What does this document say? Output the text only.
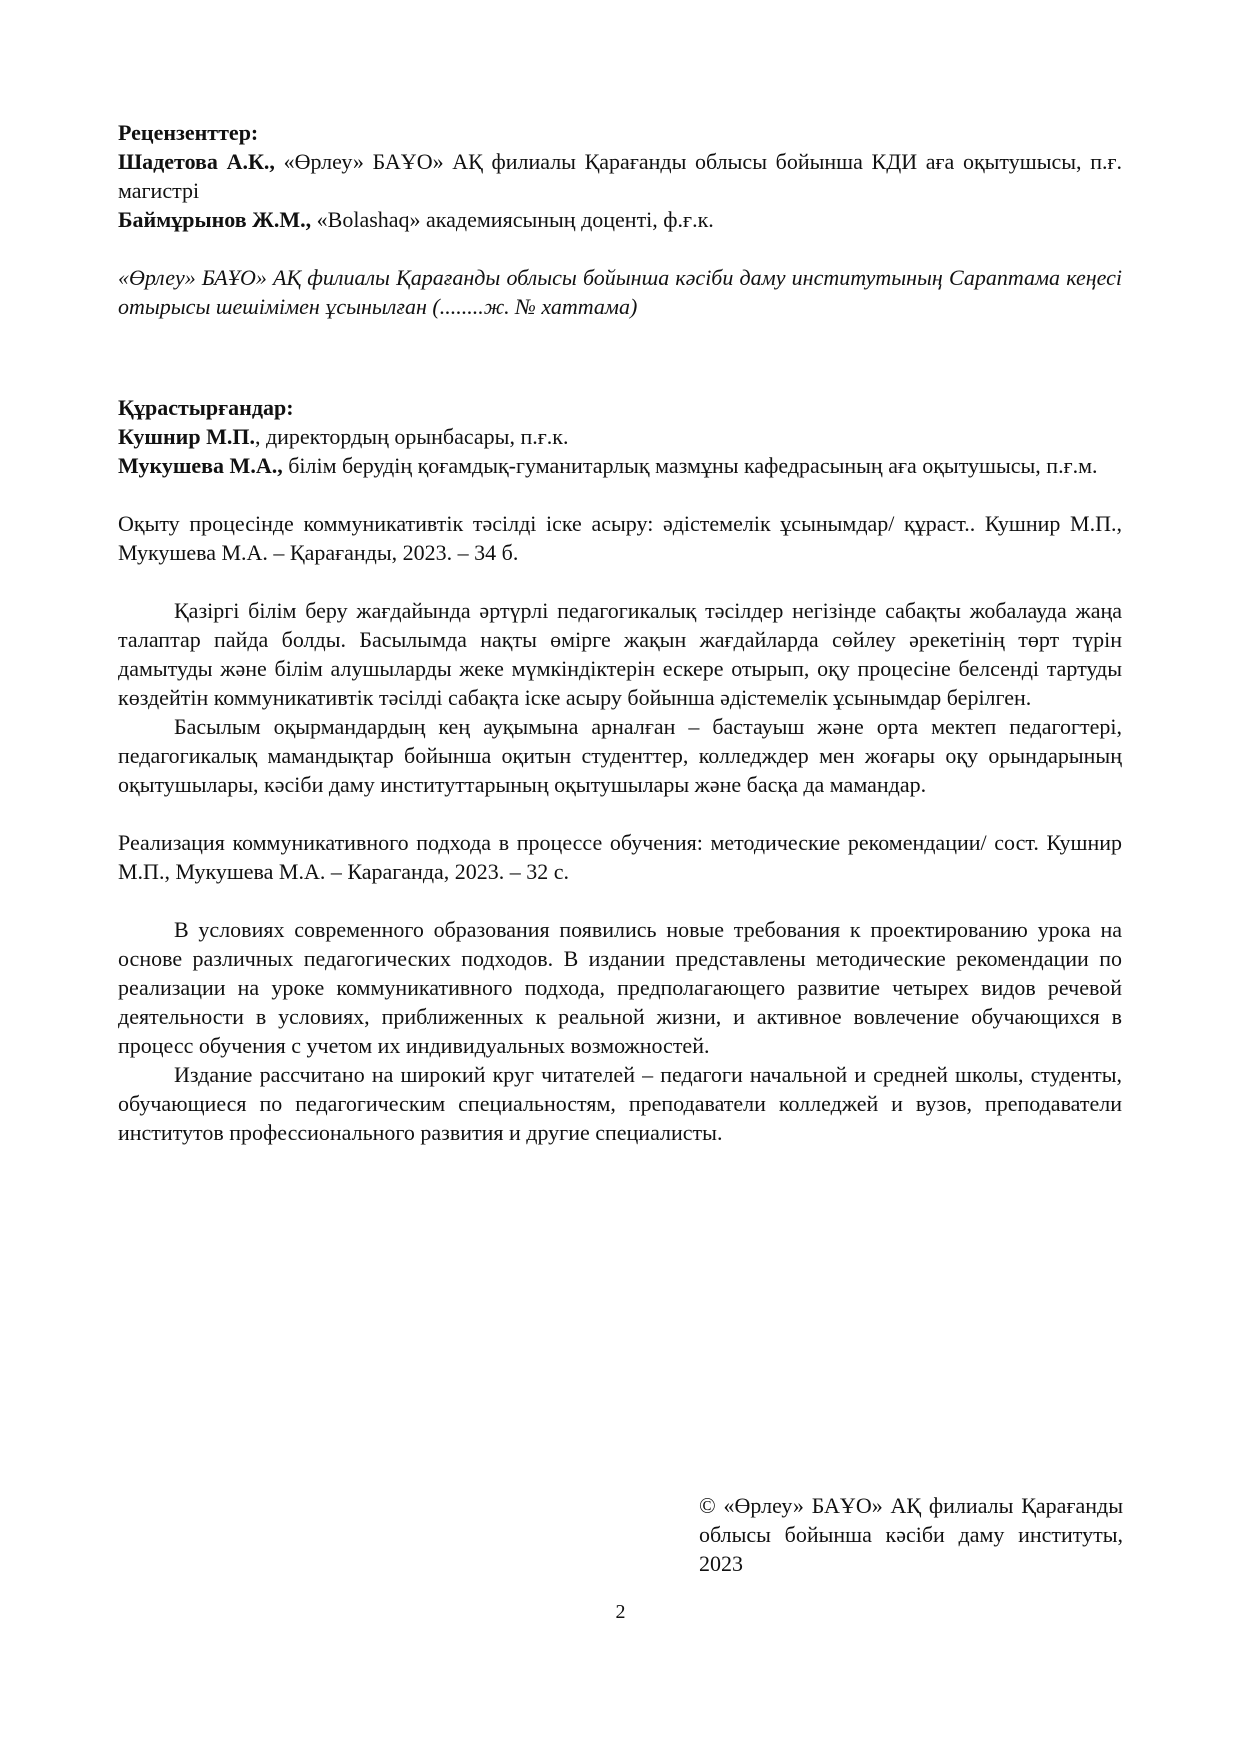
Рецензенттер:

Шадетова А.К., «Өрлеу» БАҰО» АҚ филиалы Қарағанды облысы бойынша КДИ аға оқытушысы, п.ғ. магистрі

Баймұрынов Ж.М., «Bolashaq» академиясының доценті, ф.ғ.к.

«Өрлеу» БАҰО» АҚ филиалы Қарағанды облысы бойынша кәсіби даму институтының Сараптама кеңесі отырысы шешімімен ұсынылған (........ж. № хаттама)

Құрастырғандар:

Кушнир М.П., директордың орынбасары, п.ғ.к.

Мукушева М.А., білім берудің қоғамдық-гуманитарлық мазмұны кафедрасының аға оқытушысы, п.ғ.м.

Оқыту процесінде коммуникативтік тәсілді іске асыру: әдістемелік ұсынымдар/ құраст.. Кушнир М.П., Мукушева М.А. – Қарағанды, 2023. – 34 б.

Қазіргі білім беру жағдайында әртүрлі педагогикалық тәсілдер негізінде сабақты жобалауда жаңа талаптар пайда болды. Басылымда нақты өмірге жақын жағдайларда сөйлеу әрекетінің төрт түрін дамытуды және білім алушыларды жеке мүмкіндіктерін ескере отырып, оқу процесіне белсенді тартуды көздейтін коммуникативтік тәсілді сабақта іске асыру бойынша әдістемелік ұсынымдар берілген.

Басылым оқырмандардың кең ауқымына арналған – бастауыш және орта мектеп педагогтері, педагогикалық мамандықтар бойынша оқитын студенттер, колледждер мен жоғары оқу орындарының оқытушылары, кәсіби даму институттарының оқытушылары және басқа да мамандар.

Реализация коммуникативного подхода в процессе обучения: методические рекомендации/ сост. Кушнир М.П., Мукушева М.А. – Караганда, 2023. – 32 с.

В условиях современного образования появились новые требования к проектированию урока на основе различных педагогических подходов. В издании представлены методические рекомендации по реализации на уроке коммуникативного подхода, предполагающего развитие четырех видов речевой деятельности в условиях, приближенных к реальной жизни, и активное вовлечение обучающихся в процесс обучения с учетом их индивидуальных возможностей.

Издание рассчитано на широкий круг читателей – педагоги начальной и средней школы, студенты, обучающиеся по педагогическим специальностям, преподаватели колледжей и вузов, преподаватели институтов профессионального развития и другие специалисты.

© «Өрлеу» БАҰО» АҚ филиалы Қарағанды облысы бойынша кәсіби даму институты, 2023

2
